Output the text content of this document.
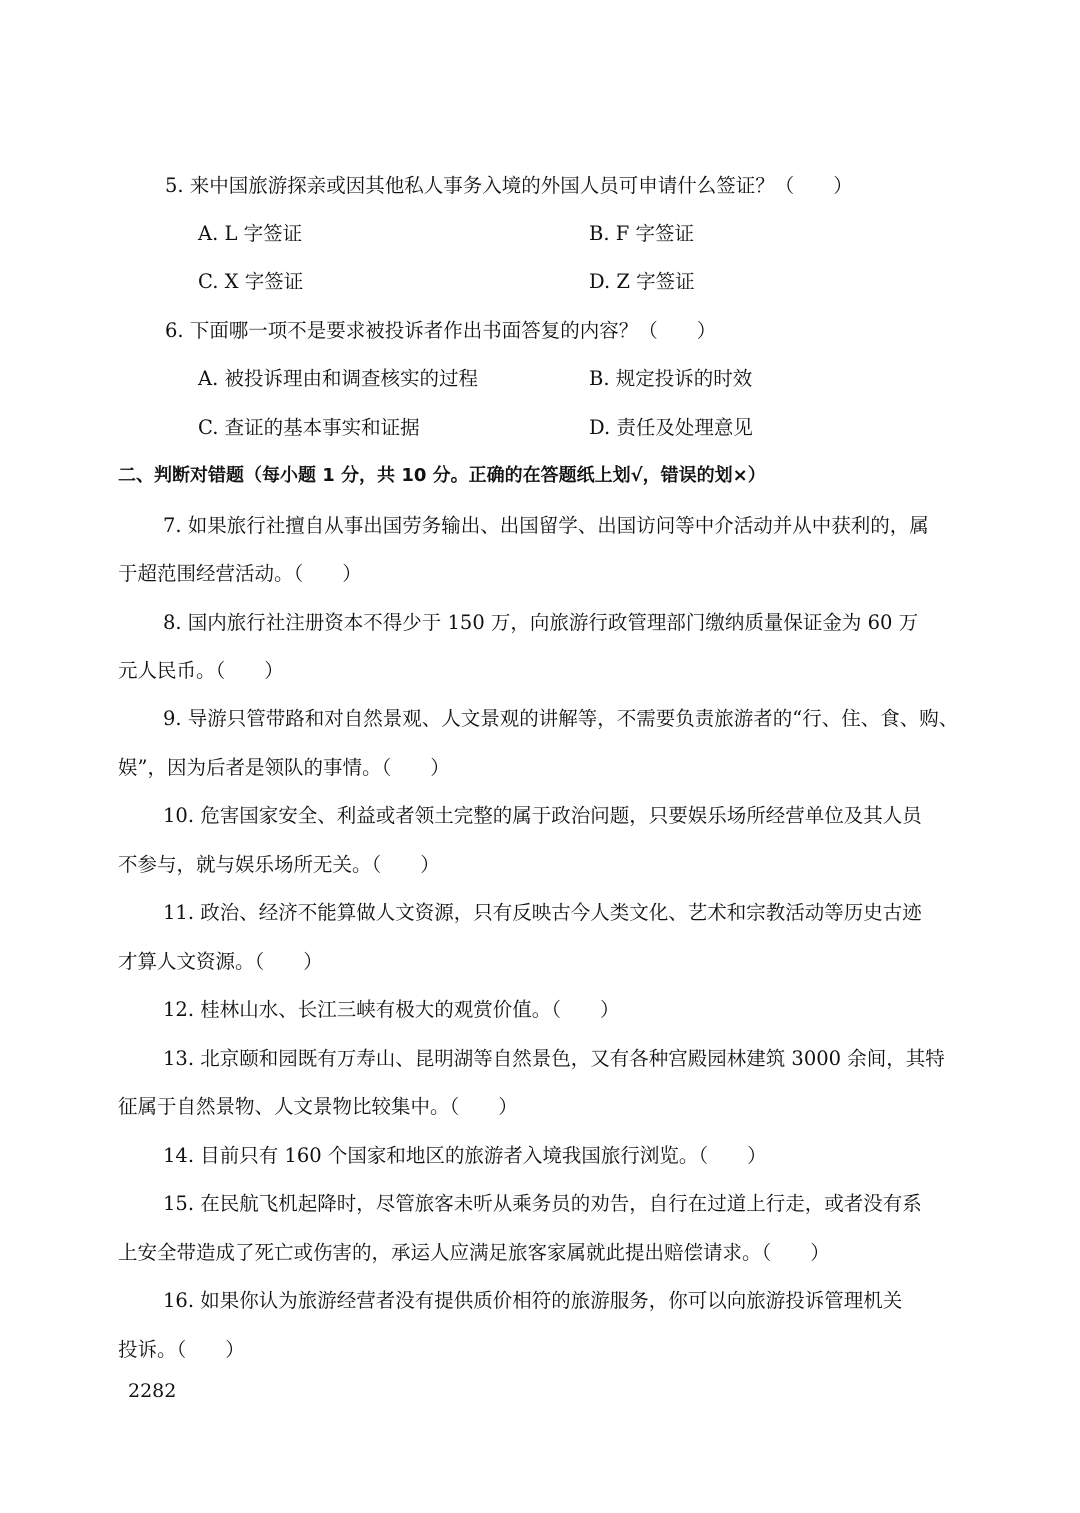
5. 来中国旅游探亲或因其他私人事务入境的外国人员可申请什么签证？（　　）
A. L 字签证	B. F 字签证
C. X 字签证	D. Z 字签证
6. 下面哪一项不是要求被投诉者作出书面答复的内容？（　　）
A. 被投诉理由和调查核实的过程	B. 规定投诉的时效
C. 查证的基本事实和证据	D. 责任及处理意见
二、判断对错题（每小题 1 分，共 10 分。正确的在答题纸上划√，错误的划×）
7. 如果旅行社擅自从事出国劳务输出、出国留学、出国访问等中介活动并从中获利的，属
于超范围经营活动。（　　）
8. 国内旅行社注册资本不得少于 150 万，向旅游行政管理部门缴纳质量保证金为 60 万
元人民币。（　　）
9. 导游只管带路和对自然景观、人文景观的讲解等，不需要负责旅游者的“行、住、食、购、
娱”，因为后者是领队的事情。（　　）
10. 危害国家安全、利益或者领土完整的属于政治问题，只要娱乐场所经营单位及其人员
不参与，就与娱乐场所无关。（　　）
11. 政治、经济不能算做人文资源，只有反映古今人类文化、艺术和宗教活动等历史古迹
才算人文资源。（　　）
12. 桂林山水、长江三峡有极大的观赏价值。（　　）
13. 北京颐和园既有万寿山、昆明湖等自然景色，又有各种宫殿园林建筑 3000 余间，其特
征属于自然景物、人文景物比较集中。（　　）
14. 目前只有 160 个国家和地区的旅游者入境我国旅行浏览。（　　）
15. 在民航飞机起降时，尽管旅客未听从乘务员的劝告，自行在过道上行走，或者没有系
上安全带造成了死亡或伤害的，承运人应满足旅客家属就此提出赔偿请求。（　　）
16. 如果你认为旅游经营者没有提供质价相符的旅游服务，你可以向旅游投诉管理机关
投诉。（　　）
2282
